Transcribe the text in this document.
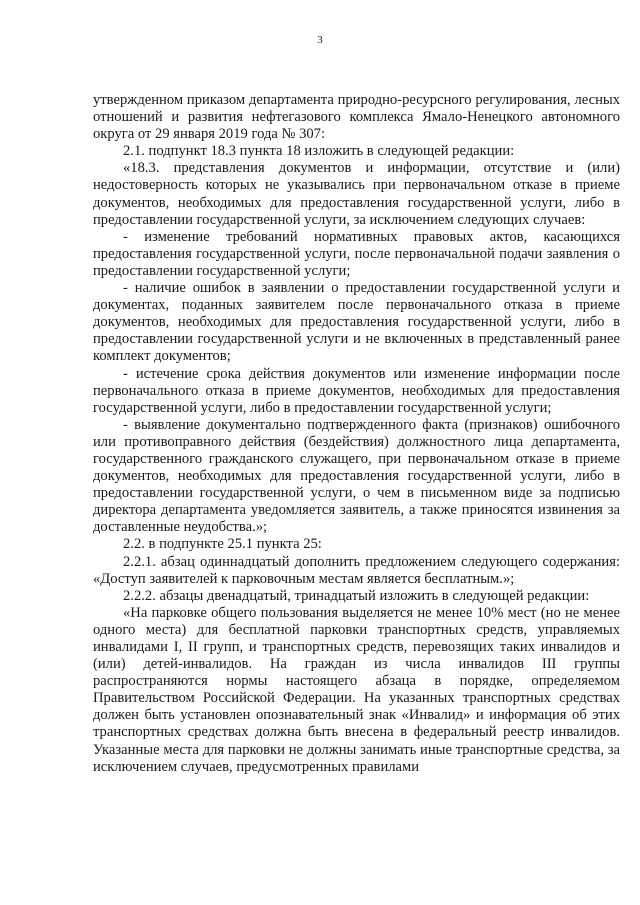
3

утвержденном приказом департамента природно-ресурсного регулирования, лесных отношений и развития нефтегазового комплекса Ямало-Ненецкого автономного округа от 29 января 2019 года № 307:

2.1. подпункт 18.3 пункта 18 изложить в следующей редакции:

«18.3. представления документов и информации, отсутствие и (или) недостоверность которых не указывались при первоначальном отказе в приеме документов, необходимых для предоставления государственной услуги, либо в предоставлении государственной услуги, за исключением следующих случаев:

- изменение требований нормативных правовых актов, касающихся предоставления государственной услуги, после первоначальной подачи заявления о предоставлении государственной услуги;

- наличие ошибок в заявлении о предоставлении государственной услуги и документах, поданных заявителем после первоначального отказа в приеме документов, необходимых для предоставления государственной услуги, либо в предоставлении государственной услуги и не включенных в представленный ранее комплект документов;

- истечение срока действия документов или изменение информации после первоначального отказа в приеме документов, необходимых для предоставления государственной услуги, либо в предоставлении государственной услуги;

- выявление документально подтвержденного факта (признаков) ошибочного или противоправного действия (бездействия) должностного лица департамента, государственного гражданского служащего, при первоначальном отказе в приеме документов, необходимых для предоставления государственной услуги, либо в предоставлении государственной услуги, о чем в письменном виде за подписью директора департамента уведомляется заявитель, а также приносятся извинения за доставленные неудобства.»;

2.2. в подпункте 25.1 пункта 25:

2.2.1. абзац одиннадцатый дополнить предложением следующего содержания: «Доступ заявителей к парковочным местам является бесплатным.»;

2.2.2. абзацы двенадцатый, тринадцатый изложить в следующей редакции:

«На парковке общего пользования выделяется не менее 10% мест (но не менее одного места) для бесплатной парковки транспортных средств, управляемых инвалидами I, II групп, и транспортных средств, перевозящих таких инвалидов и (или) детей-инвалидов. На граждан из числа инвалидов III группы распространяются нормы настоящего абзаца в порядке, определяемом Правительством Российской Федерации. На указанных транспортных средствах должен быть установлен опознавательный знак «Инвалид» и информация об этих транспортных средствах должна быть внесена в федеральный реестр инвалидов. Указанные места для парковки не должны занимать иные транспортные средства, за исключением случаев, предусмотренных правилами
